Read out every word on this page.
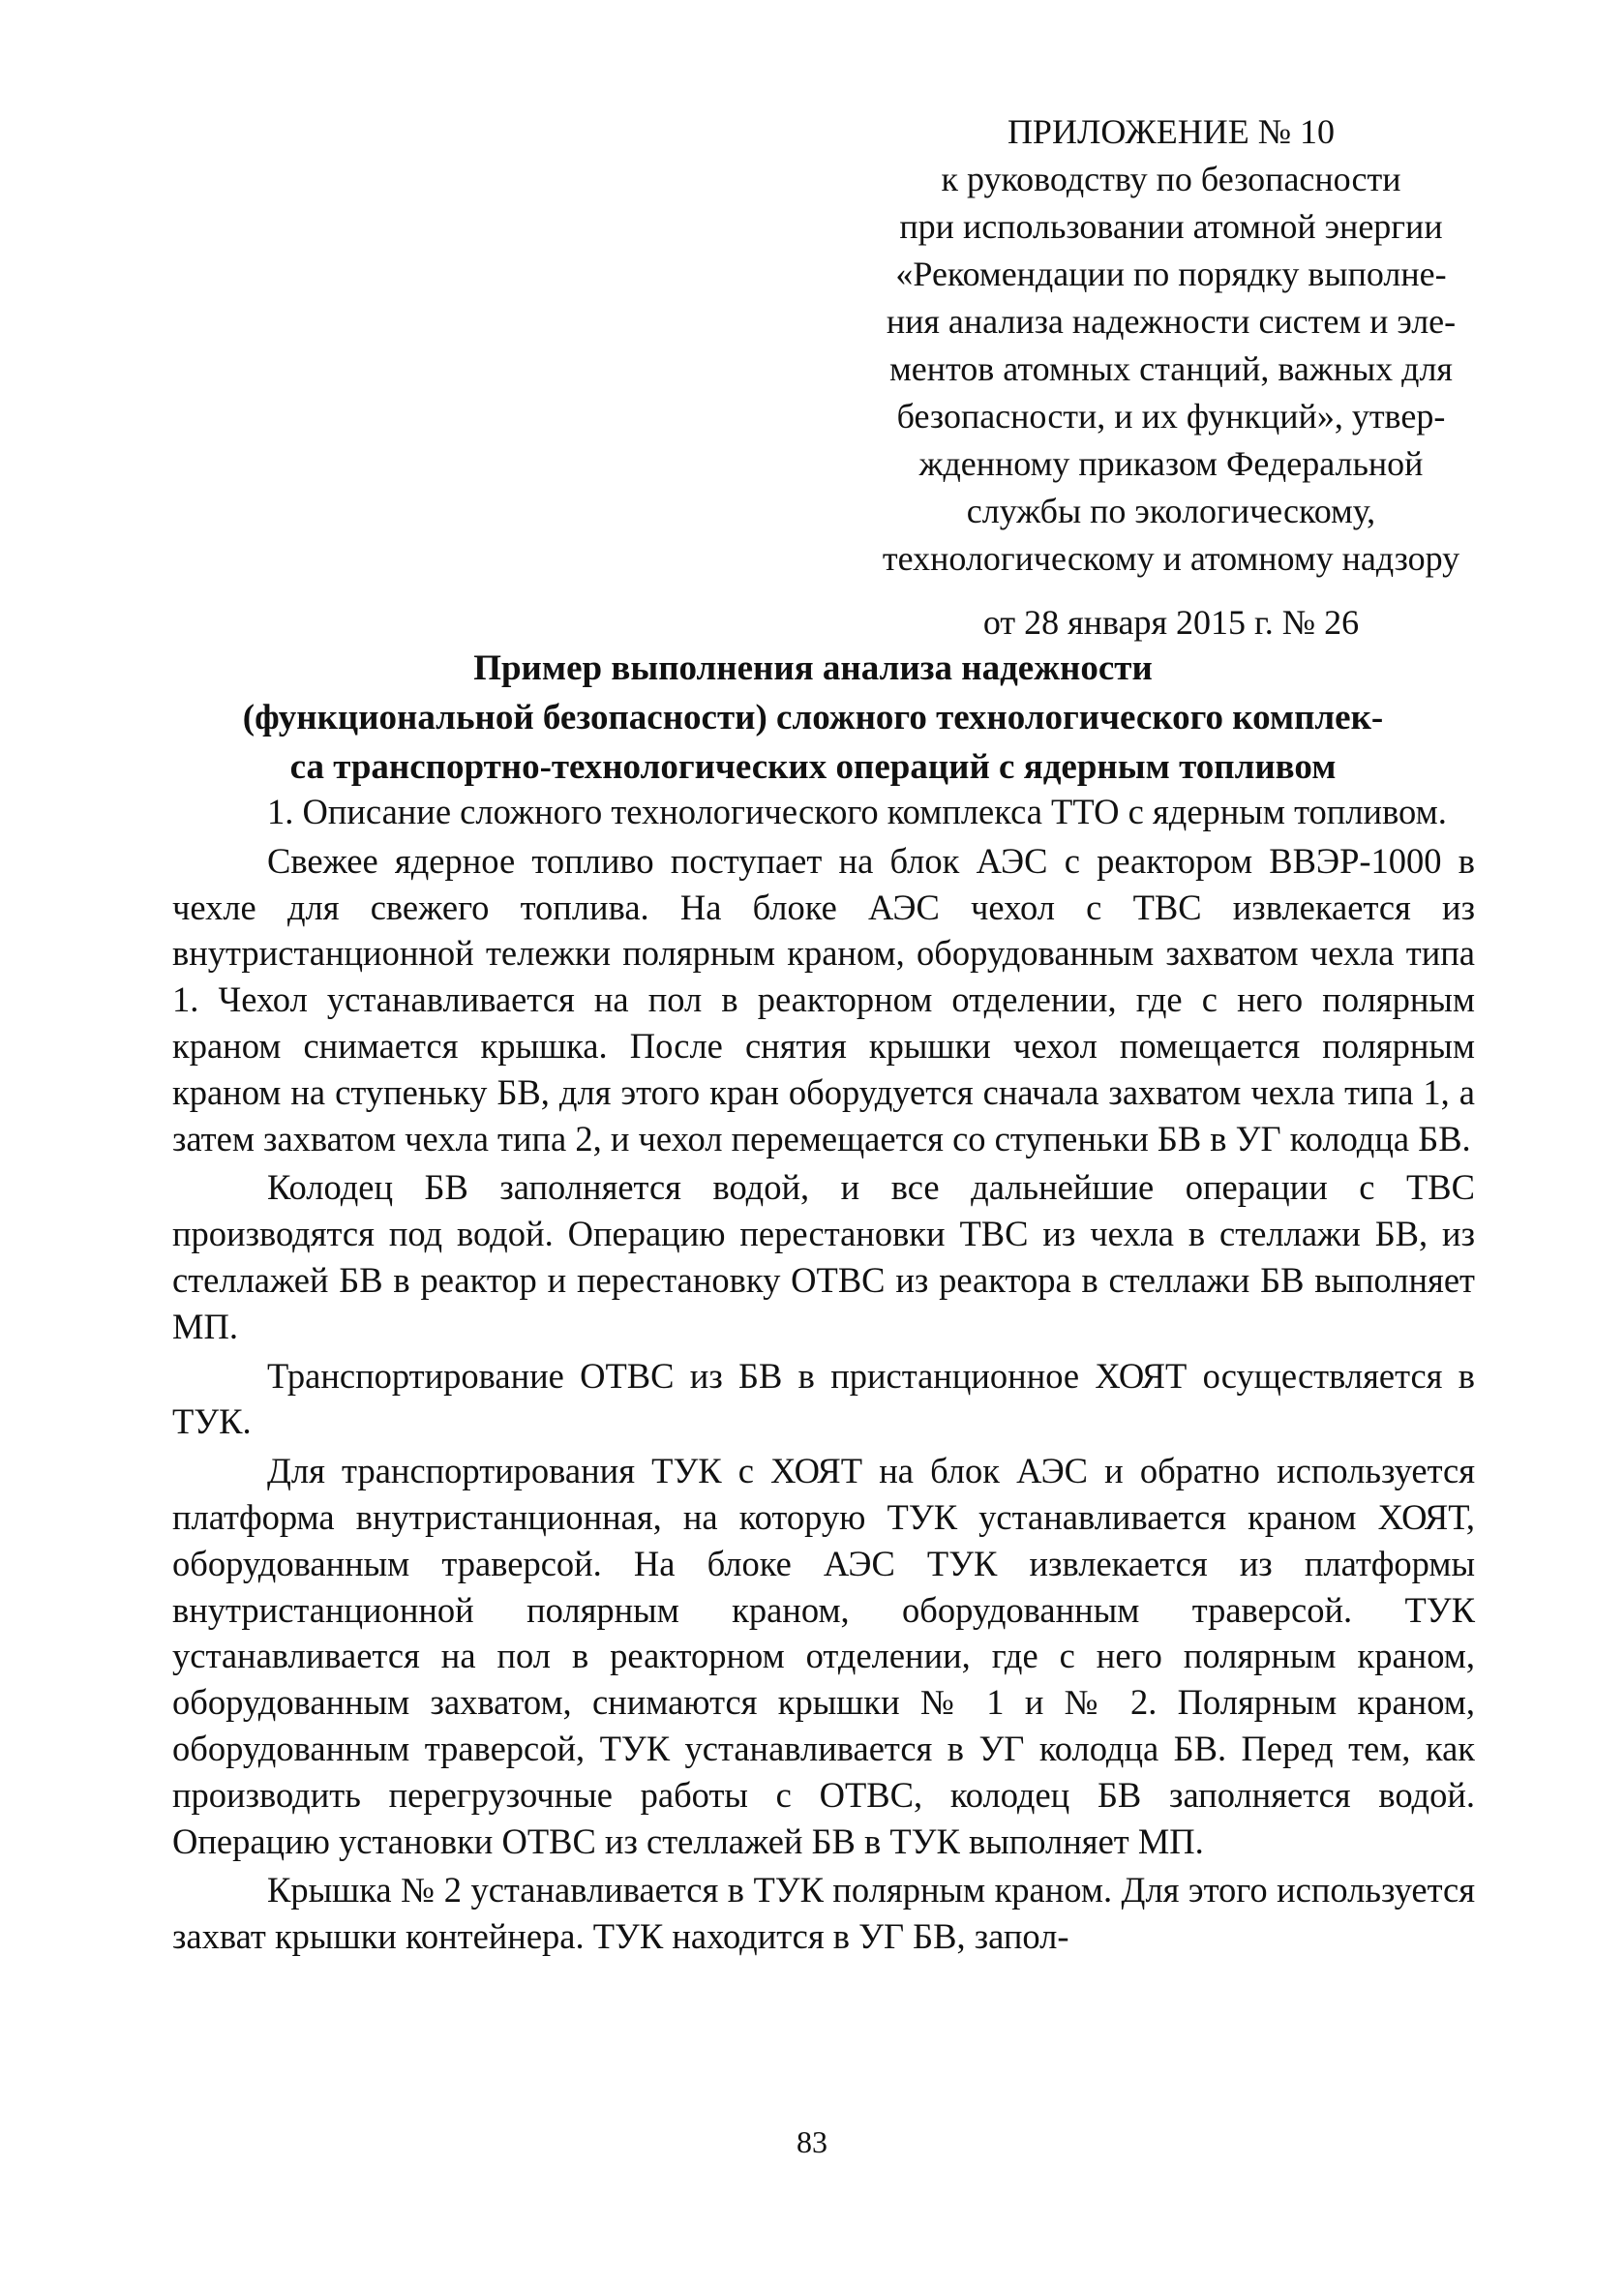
ПРИЛОЖЕНИЕ № 10
к руководству по безопасности
при использовании атомной энергии
«Рекомендации по порядку выполне-
ния анализа надежности систем и эле-
ментов атомных станций, важных для
безопасности, и их функций», утвер-
жденному приказом Федеральной
службы по экологическому,
технологическому и атомному надзору
от 28 января 2015 г. № 26
Пример выполнения анализа надежности
(функциональной безопасности) сложного технологического комплек-
са транспортно-технологических операций с ядерным топливом

1. Описание сложного технологического комплекса ТТО с ядерным топливом.

Свежее ядерное топливо поступает на блок АЭС с реактором ВВЭР-1000 в чехле для свежего топлива. На блоке АЭС чехол с ТВС извлекается из внутристанционной тележки полярным краном, оборудованным захватом чехла типа 1. Чехол устанавливается на пол в реакторном отделении, где с него полярным краном снимается крышка. После снятия крышки чехол помещается полярным краном на ступеньку БВ, для этого кран оборудуется сначала захватом чехла типа 1, а затем захватом чехла типа 2, и чехол перемещается со ступеньки БВ в УГ колодца БВ.

Колодец БВ заполняется водой, и все дальнейшие операции с ТВС производятся под водой. Операцию перестановки ТВС из чехла в стеллажи БВ, из стеллажей БВ в реактор и перестановку ОТВС из реактора в стеллажи БВ выполняет МП.

Транспортирование ОТВС из БВ в пристанционное ХОЯТ осуществляется в ТУК.

Для транспортирования ТУК с ХОЯТ на блок АЭС и обратно используется платформа внутристанционная, на которую ТУК устанавливается краном ХОЯТ, оборудованным траверсой. На блоке АЭС ТУК извлекается из платформы внутристанционной полярным краном, оборудованным траверсой. ТУК устанавливается на пол в реакторном отделении, где с него полярным краном, оборудованным захватом, снимаются крышки № 1 и № 2. Полярным краном, оборудованным траверсой, ТУК устанавливается в УГ колодца БВ. Перед тем, как производить перегрузочные работы с ОТВС, колодец БВ заполняется водой. Операцию установки ОТВС из стеллажей БВ в ТУК выполняет МП.

Крышка № 2 устанавливается в ТУК полярным краном. Для этого используется захват крышки контейнера. ТУК находится в УГ БВ, запол-

83
